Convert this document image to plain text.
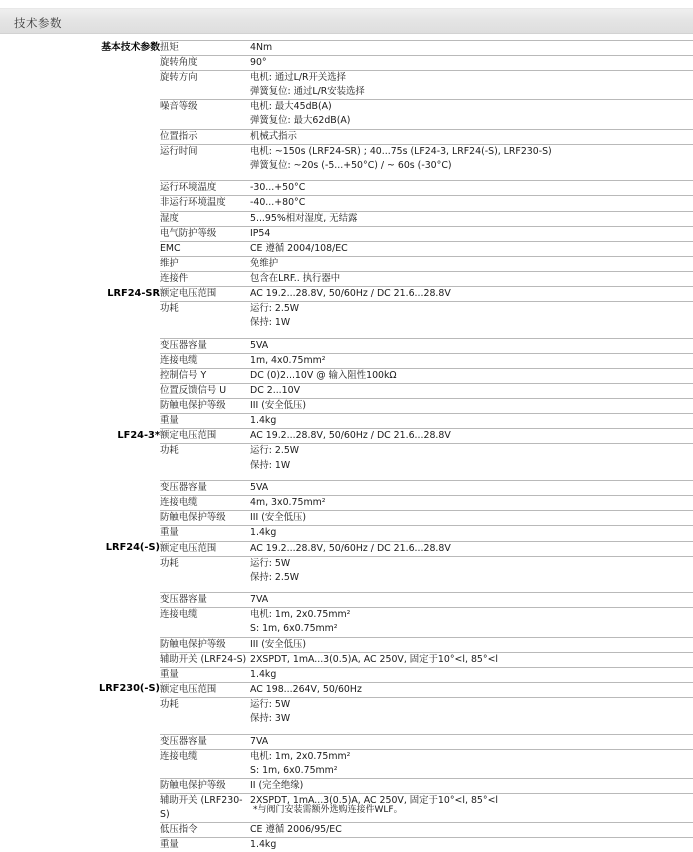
技术参数
基本技术参数	扭矩	4Nm
	旋转角度	90°
	旋转方向	电机: 通过L/R开关选择
		弹簧复位: 通过L/R安装选择
	噪音等级	电机: 最大45dB(A)
		弹簧复位: 最大62dB(A)
	位置指示	机械式指示
	运行时间	电机: ~150s (LRF24-SR) ; 40...75s (LF24-3, LRF24(-S), LRF230-S)
		弹簧复位: ~20s (-5...+50°C) / ~ 60s (-30°C)

	运行环境温度	-30...+50°C
	非运行环境温度	-40...+80°C
	湿度	5...95%相对湿度, 无结露
	电气防护等级	IP54
	EMC	CE 遵循 2004/108/EC
	维护	免维护
	连接件	包含在LRF.. 执行器中
LRF24-SR	额定电压范围	AC 19.2...28.8V, 50/60Hz / DC 21.6...28.8V
	功耗	运行: 2.5W
		保持: 1W

	变压器容量	5VA
	连接电缆	1m, 4x0.75mm²
	控制信号 Y	DC (0)2...10V @ 输入阻性100kΩ
	位置反馈信号 U	DC 2...10V
	防触电保护等级	III (安全低压)
	重量	1.4kg
LF24-3*	额定电压范围	AC 19.2...28.8V, 50/60Hz / DC 21.6...28.8V
	功耗	运行: 2.5W
		保持: 1W

	变压器容量	5VA
	连接电缆	4m, 3x0.75mm²
	防触电保护等级	III (安全低压)
	重量	1.4kg
LRF24(-S)	额定电压范围	AC 19.2...28.8V, 50/60Hz / DC 21.6...28.8V
	功耗	运行: 5W
		保持: 2.5W

	变压器容量	7VA
	连接电缆	电机: 1m, 2x0.75mm²
		S: 1m, 6x0.75mm²
	防触电保护等级	III (安全低压)
	辅助开关 (LRF24-S)	2XSPDT, 1mA...3(0.5)A, AC 250V, 固定于10°<l, 85°<l
	重量	1.4kg
LRF230(-S)	额定电压范围	AC 198...264V, 50/60Hz
	功耗	运行: 5W
		保持: 3W

	变压器容量	7VA
	连接电缆	电机: 1m, 2x0.75mm²
		S: 1m, 6x0.75mm²
	防触电保护等级	II (完全绝缘)
	辅助开关 (LRF230-S)	2XSPDT, 1mA...3(0.5)A, AC 250V, 固定于10°<l, 85°<l
	低压指令	CE 遵循 2006/95/EC
	重量	1.4kg
*与阀门安装需额外选购连接件WLF。
